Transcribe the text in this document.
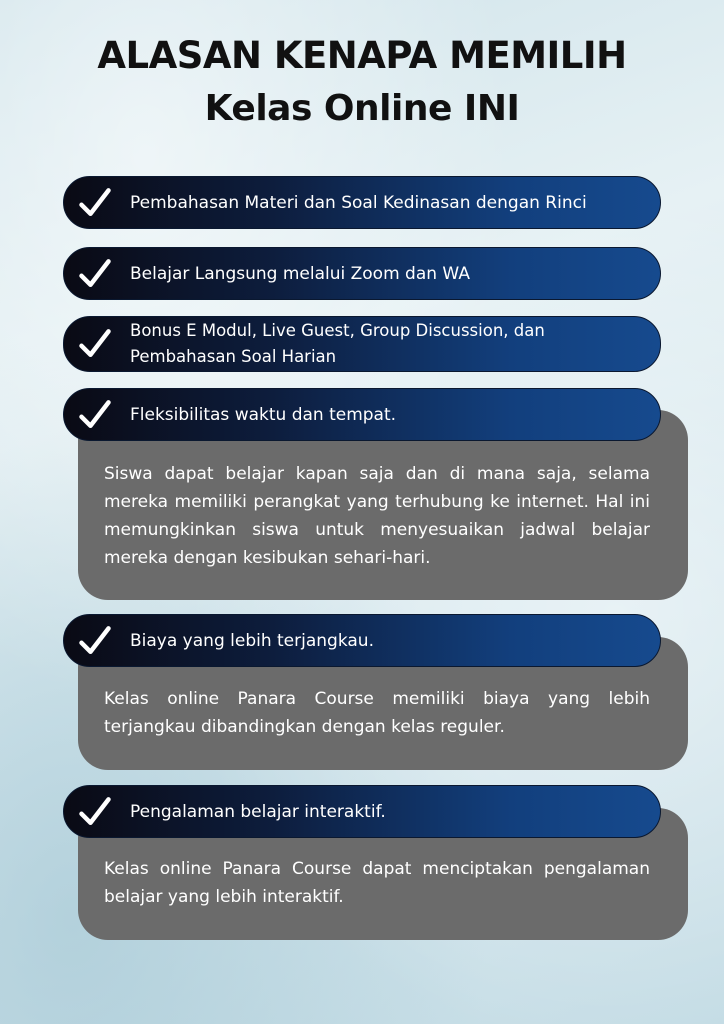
ALASAN KENAPA MEMILIH
Kelas Online INI
Siswa dapat belajar kapan saja dan di mana saja, selama mereka memiliki perangkat yang terhubung ke internet. Hal ini memungkinkan siswa untuk menyesuaikan jadwal belajar mereka dengan kesibukan sehari-hari.
Kelas online Panara Course memiliki biaya yang lebih terjangkau dibandingkan dengan kelas reguler.
Kelas online Panara Course dapat menciptakan pengalaman belajar yang lebih interaktif.
Pembahasan Materi dan Soal Kedinasan dengan Rinci
Belajar Langsung melalui Zoom dan WA
Bonus E Modul, Live Guest, Group Discussion, dan
Pembahasan Soal Harian
Fleksibilitas waktu dan tempat.
Biaya yang lebih terjangkau.
Pengalaman belajar interaktif.
